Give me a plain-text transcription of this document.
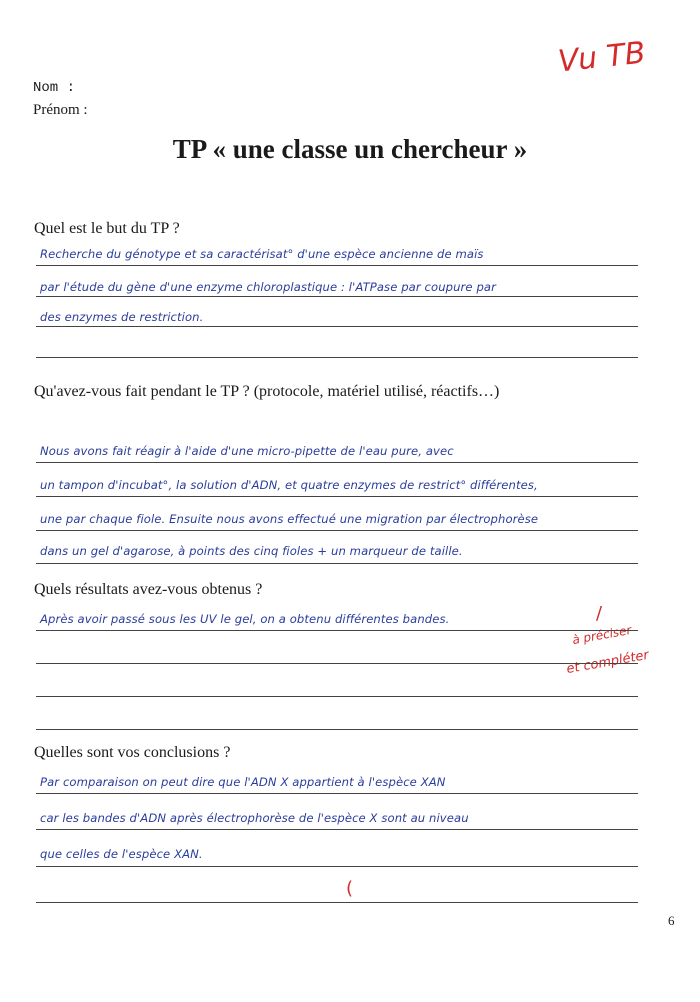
Nom :
Prénom :
Vu TB
TP « une classe un chercheur »
Quel est le but du TP ?
Recherche du génotype et sa caractérisat° d'une espèce ancienne de maïs
par l'étude du gène d'une enzyme chloroplastique : l'ATPase par coupure par
des enzymes de restriction.
Qu'avez-vous fait pendant le TP ? (protocole, matériel utilisé, réactifs…)
Nous avons fait réagir à l'aide d'une micro-pipette de l'eau pure, avec
un tampon d'incubat°, la solution d'ADN, et quatre enzymes de restrict° différentes,
une par chaque fiole. Ensuite nous avons effectué une migration par électrophorèse
dans un gel d'agarose, à points des cinq fioles + un marqueur de taille.
Quels résultats avez-vous obtenus ?
Après avoir passé sous les UV le gel, on a obtenu différentes bandes.	/
à préciser
et compléter
Quelles sont vos conclusions ?
Par comparaison on peut dire que l'ADN X appartient à l'espèce XAN
car les bandes d'ADN après électrophorèse de l'espèce X sont au niveau
que celles de l'espèce XAN.
(
6
